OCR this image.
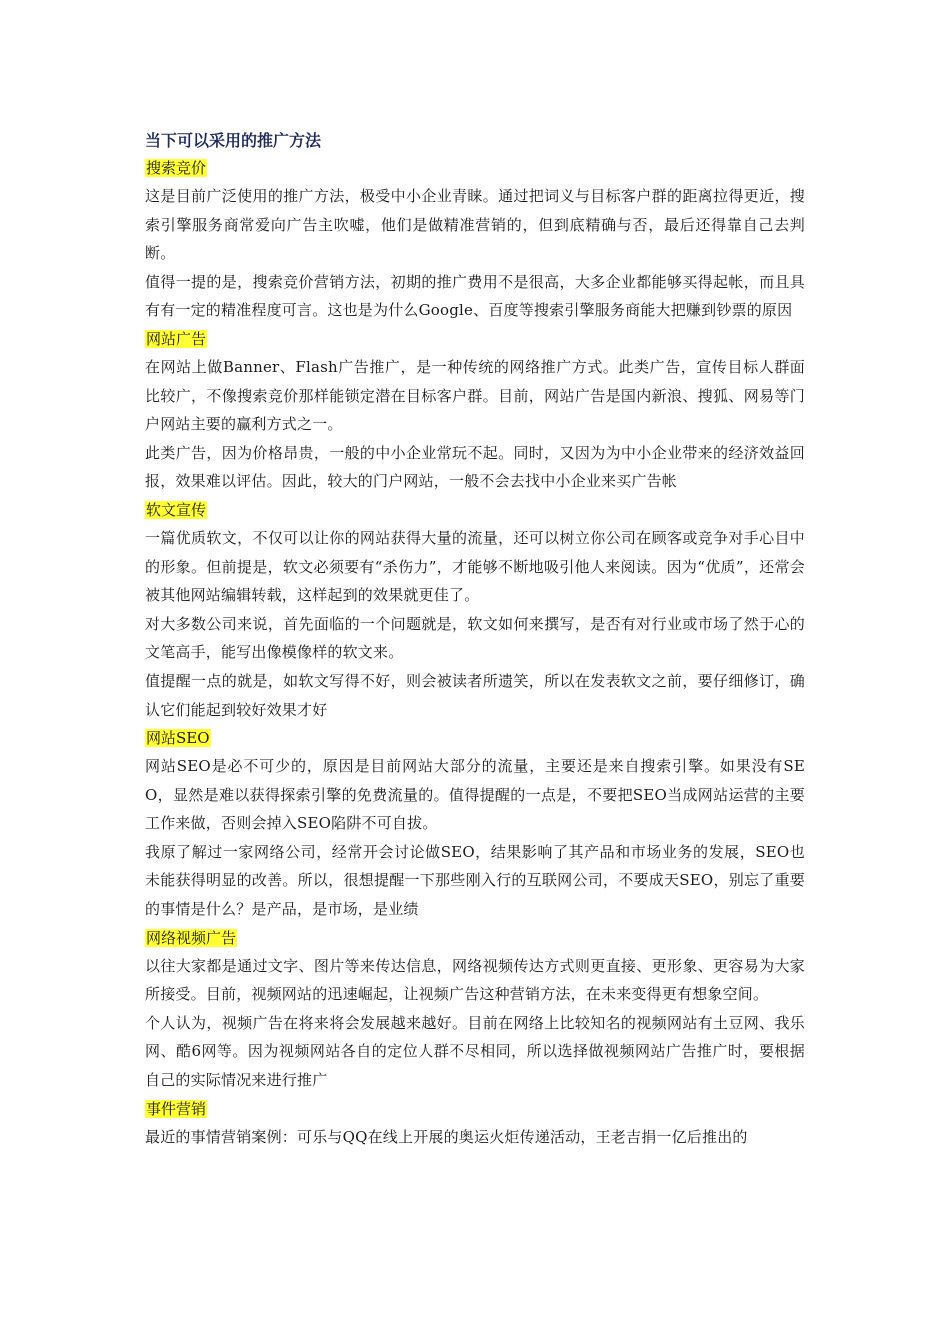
当下可以采用的推广方法

搜索竞价

这是目前广泛使用的推广方法，极受中小企业青睐。通过把词义与目标客户群的距离拉得更近，搜索引擎服务商常爱向广告主吹嘘，他们是做精准营销的，但到底精确与否，最后还得靠自己去判断。

值得一提的是，搜索竞价营销方法，初期的推广费用不是很高，大多企业都能够买得起帐，而且具有有一定的精准程度可言。这也是为什么Google、百度等搜索引擎服务商能大把赚到钞票的原因

网站广告

在网站上做Banner、Flash广告推广，是一种传统的网络推广方式。此类广告，宣传目标人群面比较广，不像搜索竞价那样能锁定潜在目标客户群。目前，网站广告是国内新浪、搜狐、网易等门户网站主要的赢利方式之一。

此类广告，因为价格昂贵，一般的中小企业常玩不起。同时，又因为为中小企业带来的经济效益回报，效果难以评估。因此，较大的门户网站，一般不会去找中小企业来买广告帐

软文宣传

一篇优质软文，不仅可以让你的网站获得大量的流量，还可以树立你公司在顾客或竞争对手心目中的形象。但前提是，软文必须要有“杀伤力”，才能够不断地吸引他人来阅读。因为“优质”，还常会被其他网站编辑转载，这样起到的效果就更佳了。

对大多数公司来说，首先面临的一个问题就是，软文如何来撰写，是否有对行业或市场了然于心的文笔高手，能写出像模像样的软文来。

值提醒一点的就是，如软文写得不好，则会被读者所遗笑，所以在发表软文之前，要仔细修订，确认它们能起到较好效果才好

网站SEO

网站SEO是必不可少的，原因是目前网站大部分的流量，主要还是来自搜索引擎。如果没有SEO，显然是难以获得探索引擎的免费流量的。值得提醒的一点是，不要把SEO当成网站运营的主要工作来做，否则会掉入SEO陷阱不可自拔。

我原了解过一家网络公司，经常开会讨论做SEO，结果影响了其产品和市场业务的发展，SEO也未能获得明显的改善。所以，很想提醒一下那些刚入行的互联网公司，不要成天SEO，别忘了重要的事情是什么？是产品，是市场，是业绩

网络视频广告

以往大家都是通过文字、图片等来传达信息，网络视频传达方式则更直接、更形象、更容易为大家所接受。目前，视频网站的迅速崛起，让视频广告这种营销方法，在未来变得更有想象空间。

个人认为，视频广告在将来将会发展越来越好。目前在网络上比较知名的视频网站有土豆网、我乐网、酷6网等。因为视频网站各自的定位人群不尽相同，所以选择做视频网站广告推广时，要根据自己的实际情况来进行推广

事件营销

最近的事情营销案例：可乐与QQ在线上开展的奥运火炬传递活动，王老吉捐一亿后推出的
